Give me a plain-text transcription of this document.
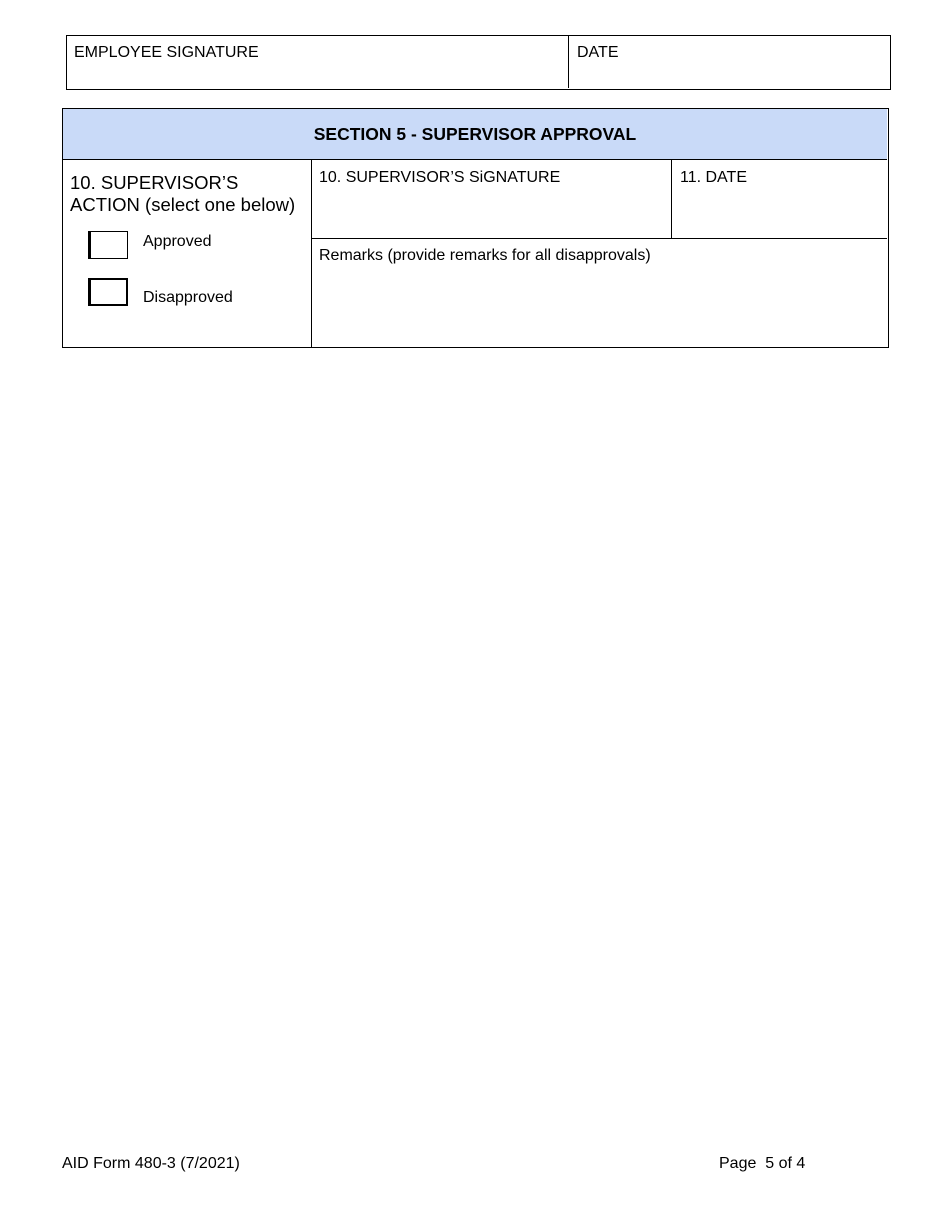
EMPLOYEE SIGNATURE	DATE
SECTION 5 - SUPERVISOR APPROVAL
10. SUPERVISOR’S
ACTION (select one below)
Approved
Disapproved
10. SUPERVISOR’S SiGNATURE	11. DATE
Remarks (provide remarks for all disapprovals)
AID Form 480-3 (7/2021)	Page  5 of 4
